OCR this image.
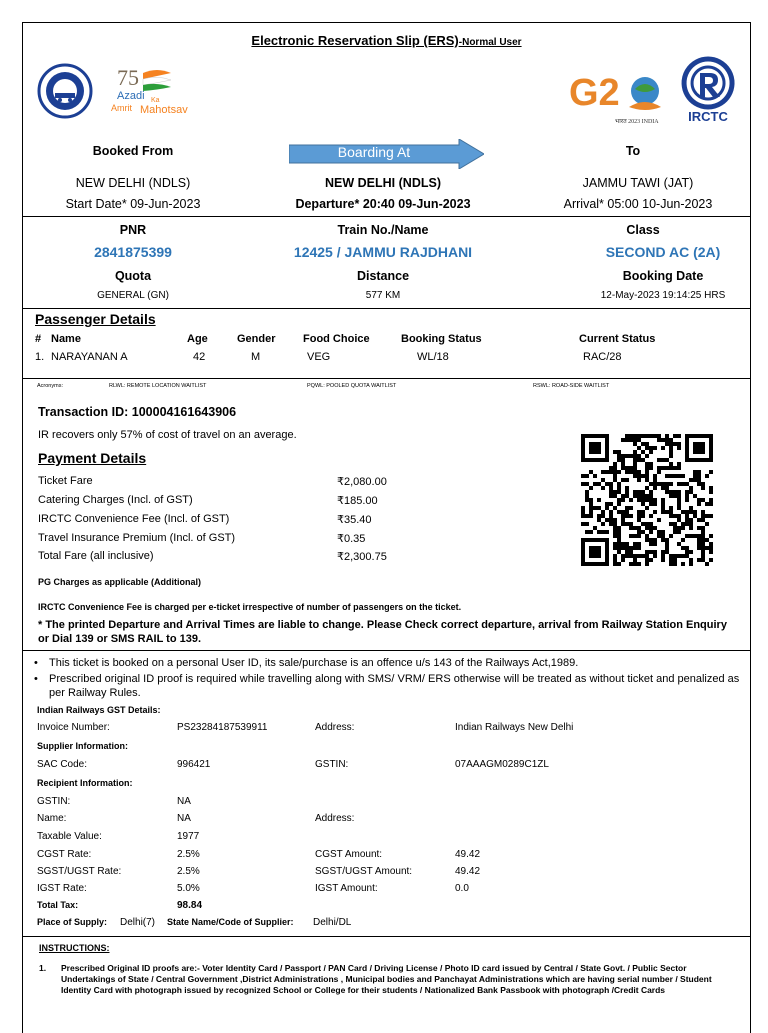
Electronic Reservation Slip (ERS)-Normal User
75
Azadi Ka
Amrit Mahotsav	G2
भारत 2023 INDIA IRCTC
Booked From	Boarding At	To
NEW DELHI (NDLS)	NEW DELHI (NDLS)	JAMMU TAWI (JAT)
Start Date* 09-Jun-2023	Departure* 20:40 09-Jun-2023	Arrival* 05:00 10-Jun-2023
PNR	Train No./Name	Class
2841875399	12425 / JAMMU RAJDHANI	SECOND AC (2A)
Quota	Distance	Booking Date
GENERAL (GN)	577 KM	12-May-2023 19:14:25 HRS
Passenger Details
# Name	Age	Gender Food Choice	Booking Status	Current Status
1. NARAYANAN A	42	M	VEG	WL/18	RAC/28
Acronyms:	RLWL: REMOTE LOCATION WAITLIST	PQWL: POOLED QUOTA WAITLIST	RSWL: ROAD-SIDE WAITLIST
Transaction ID: 100004161643906
IR recovers only 57% of cost of travel on an average.
Payment Details
Ticket Fare	₹2,080.00
Catering Charges (Incl. of GST)	₹185.00
IRCTC Convenience Fee (Incl. of GST)	₹35.40
Travel Insurance Premium (Incl. of GST)	₹0.35
Total Fare (all inclusive)	₹2,300.75
PG Charges as applicable (Additional)
IRCTC Convenience Fee is charged per e-ticket irrespective of number of passengers on the ticket.
* The printed Departure and Arrival Times are liable to change. Please Check correct departure, arrival from Railway Station Enquiry or Dial 139 or SMS RAIL to 139.
• This ticket is booked on a personal User ID, its sale/purchase is an offence u/s 143 of the Railways Act,1989.
• Prescribed original ID proof is required while travelling along with SMS/ VRM/ ERS otherwise will be treated as without ticket and penalized as per Railway Rules.
Indian Railways GST Details:
Invoice Number:	PS23284187539911	Address:	Indian Railways New Delhi
Supplier Information:
SAC Code:	996421	GSTIN:	07AAAGM0289C1ZL
Recipient Information:
GSTIN:	NA
Name:	NA	Address:
Taxable Value:	1977
CGST Rate:	2.5%	CGST Amount:	49.42
SGST/UGST Rate:	2.5%	SGST/UGST Amount:	49.42
IGST Rate:	5.0%	IGST Amount:	0.0
Total Tax:	98.84
Place of Supply: Delhi(7) State Name/Code of Supplier: Delhi/DL
INSTRUCTIONS:
1. Prescribed Original ID proofs are:- Voter Identity Card / Passport / PAN Card / Driving License / Photo ID card issued by Central / State Govt. / Public Sector Undertakings of State / Central Government ,District Administrations , Municipal bodies and Panchayat Administrations which are having serial number / Student Identity Card with photograph issued by recognized School or College for their students / Nationalized Bank Passbook with photograph /Credit Cards
